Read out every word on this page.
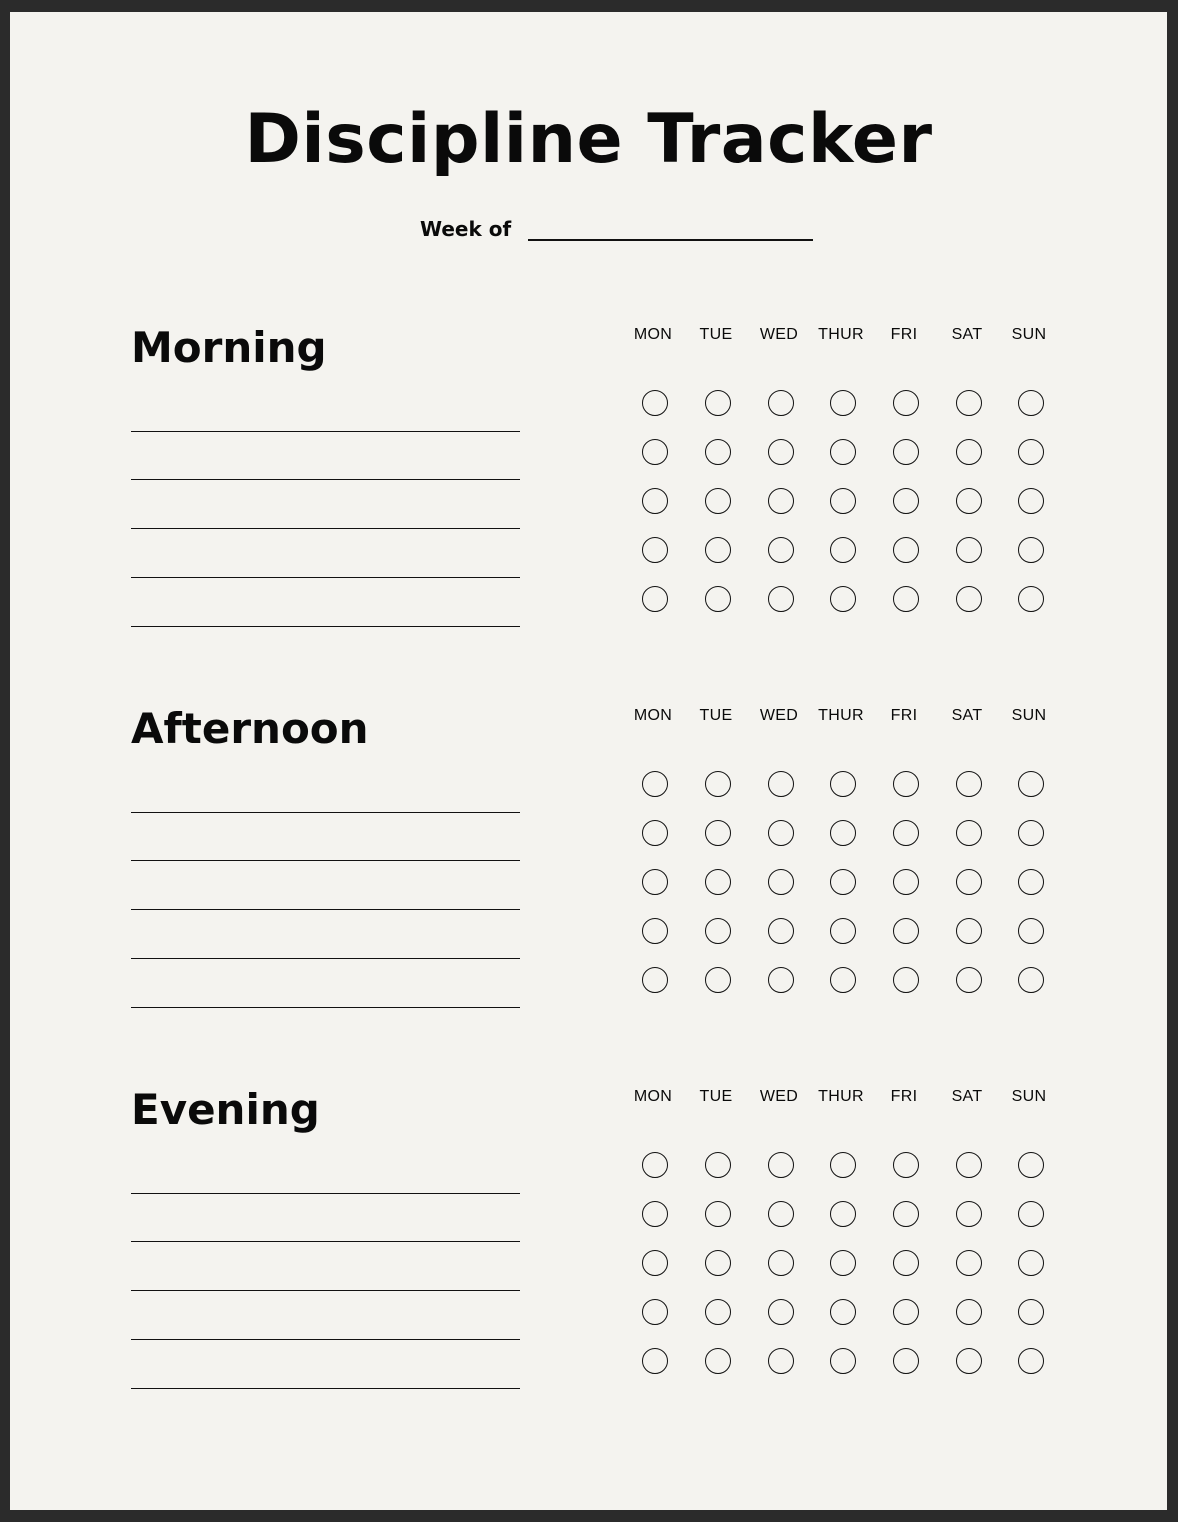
Discipline Tracker
Week of
Morning	MON	TUE	WED	THUR	FRI	SAT	SUN
Afternoon	MON	TUE	WED	THUR	FRI	SAT	SUN
Evening	MON	TUE	WED	THUR	FRI	SAT	SUN
